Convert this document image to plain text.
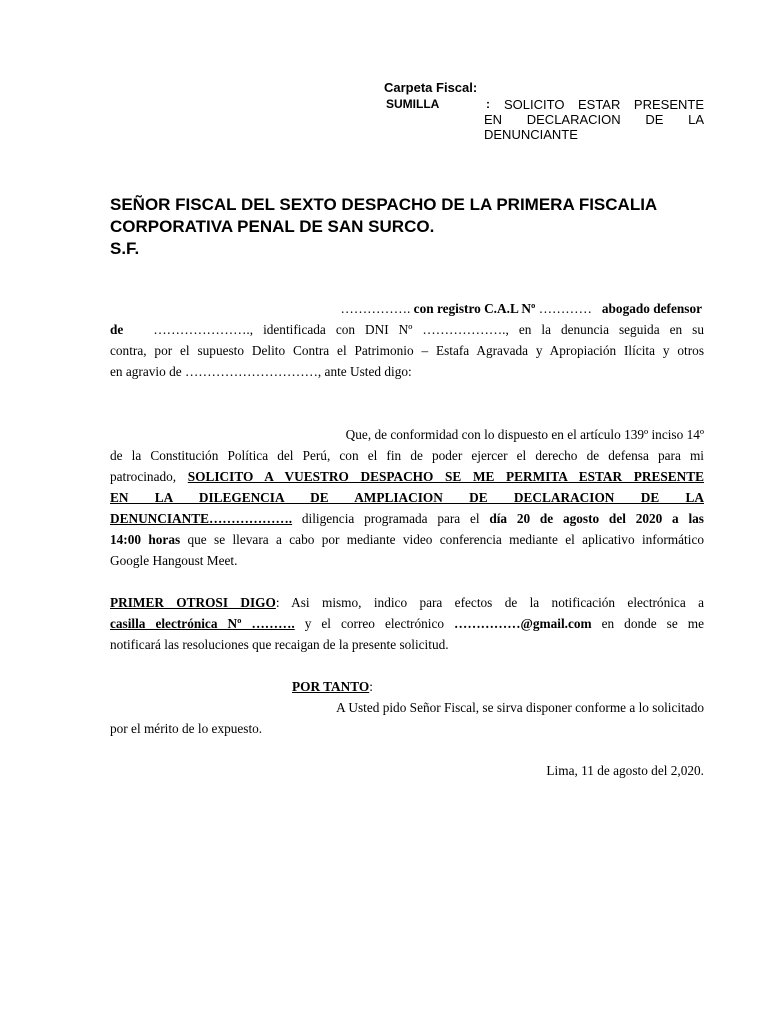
Carpeta Fiscal:
SUMILLA	: SOLICITO ESTAR PRESENTE
EN DECLARACION DE LA
DENUNCIANTE
SEÑOR FISCAL DEL SEXTO DESPACHO DE LA PRIMERA FISCALIA
CORPORATIVA PENAL DE SAN SURCO.
S.F.
……………. con registro C.A.L Nº …………   abogado defensor
de   …………………., identificada con DNI Nº ………………., en la denuncia seguida en su
contra, por el supuesto Delito Contra el Patrimonio – Estafa Agravada y Apropiación Ilícita y otros
en agravio de …………………………, ante Usted digo:
Que, de conformidad con lo dispuesto en el artículo 139º inciso 14º
de la Constitución Política del Perú, con el fin de poder ejercer el derecho de defensa para mi
patrocinado, SOLICITO A VUESTRO DESPACHO SE ME PERMITA ESTAR PRESENTE
EN LA DILEGENCIA DE AMPLIACION DE DECLARACION DE LA
DENUNCIANTE………………. diligencia programada para el día 20 de agosto del 2020 a las
14:00 horas que se llevara a cabo por mediante video conferencia mediante el aplicativo informático
Google Hangoust Meet.
PRIMER OTROSI DIGO: Asi mismo, indico para efectos de la notificación electrónica a
casilla electrónica Nº ………. y el correo electrónico ……………@gmail.com en donde se me
notificará las resoluciones que recaigan de la presente solicitud.
POR TANTO:
A Usted pido Señor Fiscal, se sirva disponer conforme a lo solicitado
por el mérito de lo expuesto.
Lima, 11 de agosto del 2,020.
